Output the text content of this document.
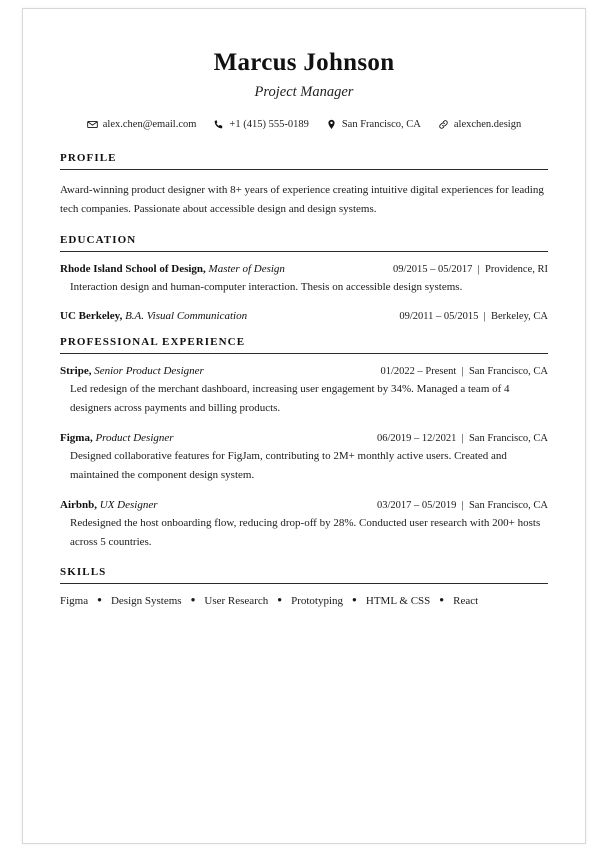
Marcus Johnson
Project Manager
alex.chen@email.com	+1 (415) 555-0189	San Francisco, CA	alexchen.design
PROFILE

Award-winning product designer with 8+ years of experience creating intuitive digital experiences for leading tech companies. Passionate about accessible design and design systems.

EDUCATION
Rhode Island School of Design, Master of Design	09/2015 – 05/2017  |  Providence, RI
Interaction design and human-computer interaction. Thesis on accessible design systems.
UC Berkeley, B.A. Visual Communication	09/2011 – 05/2015  |  Berkeley, CA
PROFESSIONAL EXPERIENCE
Stripe, Senior Product Designer	01/2022 – Present  |  San Francisco, CA
Led redesign of the merchant dashboard, increasing user engagement by 34%. Managed a team of 4 designers across payments and billing products.
Figma, Product Designer	06/2019 – 12/2021  |  San Francisco, CA
Designed collaborative features for FigJam, contributing to 2M+ monthly active users. Created and maintained the component design system.
Airbnb, UX Designer	03/2017 – 05/2019  |  San Francisco, CA
Redesigned the host onboarding flow, reducing drop-off by 28%. Conducted user research with 200+ hosts across 5 countries.
SKILLS
Figma ● Design Systems ● User Research ● Prototyping ● HTML & CSS ● React
